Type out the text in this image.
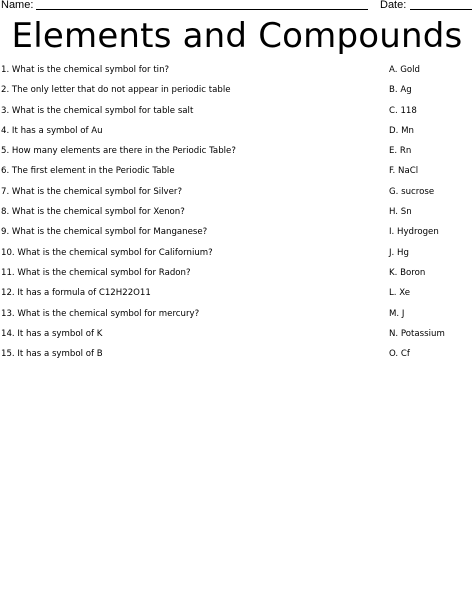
Name:	Date:
Elements and Compounds
1. What is the chemical symbol for tin?	A. Gold
2. The only letter that do not appear in periodic table	B. Ag
3. What is the chemical symbol for table salt	C. 118
4. It has a symbol of Au	D. Mn
5. How many elements are there in the Periodic Table?	E. Rn
6. The first element in the Periodic Table	F. NaCl
7. What is the chemical symbol for Silver?	G. sucrose
8. What is the chemical symbol for Xenon?	H. Sn
9. What is the chemical symbol for Manganese?	I. Hydrogen
10. What is the chemical symbol for Californium?	J. Hg
11. What is the chemical symbol for Radon?	K. Boron
12. It has a formula of C12H22O11	L. Xe
13. What is the chemical symbol for mercury?	M. J
14. It has a symbol of K	N. Potassium
15. It has a symbol of B	O. Cf
